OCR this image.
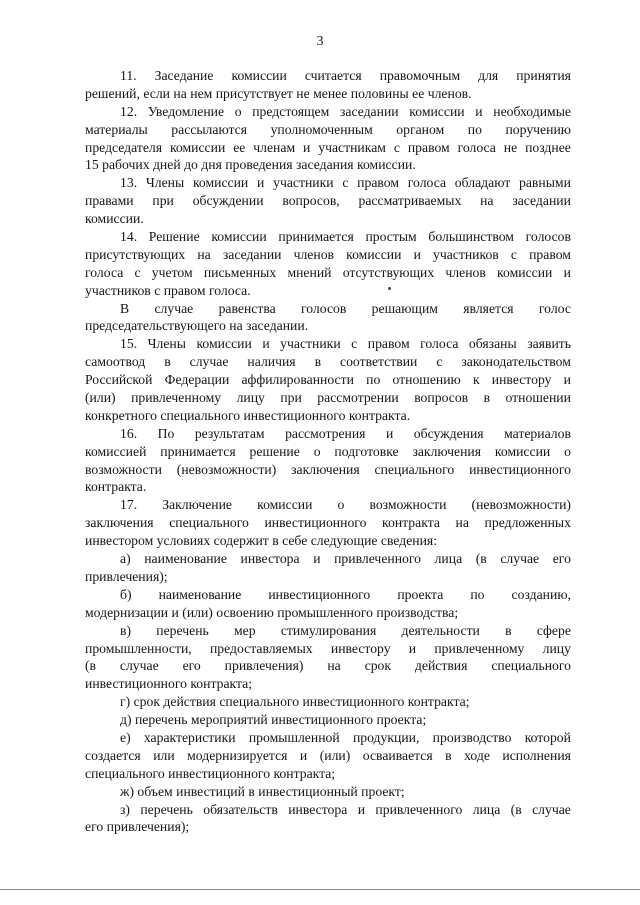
3
11. Заседание комиссии считается правомочным для принятия
решений, если на нем присутствует не менее половины ее членов.
12. Уведомление о предстоящем заседании комиссии и необходимые
материалы рассылаются уполномоченным органом по поручению
председателя комиссии ее членам и участникам с правом голоса не позднее
15 рабочих дней до дня проведения заседания комиссии.
13. Члены комиссии и участники с правом голоса обладают равными
правами при обсуждении вопросов, рассматриваемых на заседании
комиссии.
14. Решение комиссии принимается простым большинством голосов
присутствующих на заседании членов комиссии и участников с правом
голоса с учетом письменных мнений отсутствующих членов комиссии и
участников с правом голоса.
В случае равенства голосов решающим является голос
председательствующего на заседании.
15. Члены комиссии и участники с правом голоса обязаны заявить
самоотвод в случае наличия в соответствии с законодательством
Российской Федерации аффилированности по отношению к инвестору и
(или) привлеченному лицу при рассмотрении вопросов в отношении
конкретного специального инвестиционного контракта.
16. По результатам рассмотрения и обсуждения материалов
комиссией принимается решение о подготовке заключения комиссии о
возможности (невозможности) заключения специального инвестиционного
контракта.
17. Заключение комиссии о возможности (невозможности)
заключения специального инвестиционного контракта на предложенных
инвестором условиях содержит в себе следующие сведения:
а) наименование инвестора и привлеченного лица (в случае его
привлечения);
б) наименование инвестиционного проекта по созданию,
модернизации и (или) освоению промышленного производства;
в) перечень мер стимулирования деятельности в сфере
промышленности, предоставляемых инвестору и привлеченному лицу
(в случае его привлечения) на срок действия специального
инвестиционного контракта;
г) срок действия специального инвестиционного контракта;
д) перечень мероприятий инвестиционного проекта;
е) характеристики промышленной продукции, производство которой
создается или модернизируется и (или) осваивается в ходе исполнения
специального инвестиционного контракта;
ж) объем инвестиций в инвестиционный проект;
з) перечень обязательств инвестора и привлеченного лица (в случае
его привлечения);
